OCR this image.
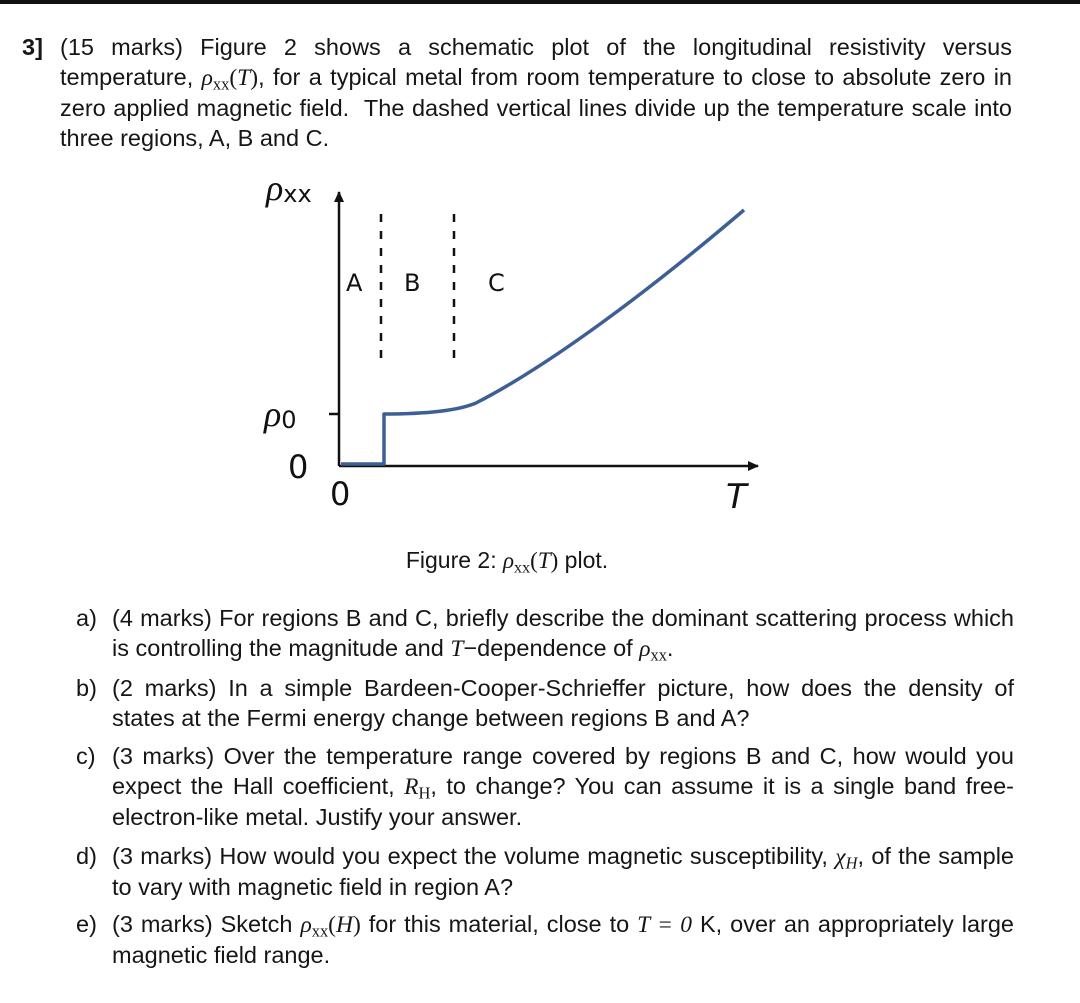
3] (15 marks) Figure 2 shows a schematic plot of the longitudinal resistivity versus temperature, $\rho_{xx}(T)$, for a typical metal from room temperature to close to absolute zero in zero applied magnetic field. The dashed vertical lines divide up the temperature scale into three regions, A, B and C.
A B	C
ρxx
ρ0
0
0	T
Figure 2: $\rho_{xx}(T)$ plot.
a) (4 marks) For regions B and C, briefly describe the dominant scattering process which is controlling the magnitude and T−dependence of $\rho_{xx}$.
b) (2 marks) In a simple Bardeen-Cooper-Schrieffer picture, how does the density of states at the Fermi energy change between regions B and A?
c) (3 marks) Over the temperature range covered by regions B and C, how would you expect the Hall coefficient, $R_H$, to change? You can assume it is a single band free-electron-like metal. Justify your answer.
d) (3 marks) How would you expect the volume magnetic susceptibility, $\chi_H$, of the sample to vary with magnetic field in region A?
e) (3 marks) Sketch $\rho_{xx}(H)$ for this material, close to T = 0 K, over an appropriately large magnetic field range.
